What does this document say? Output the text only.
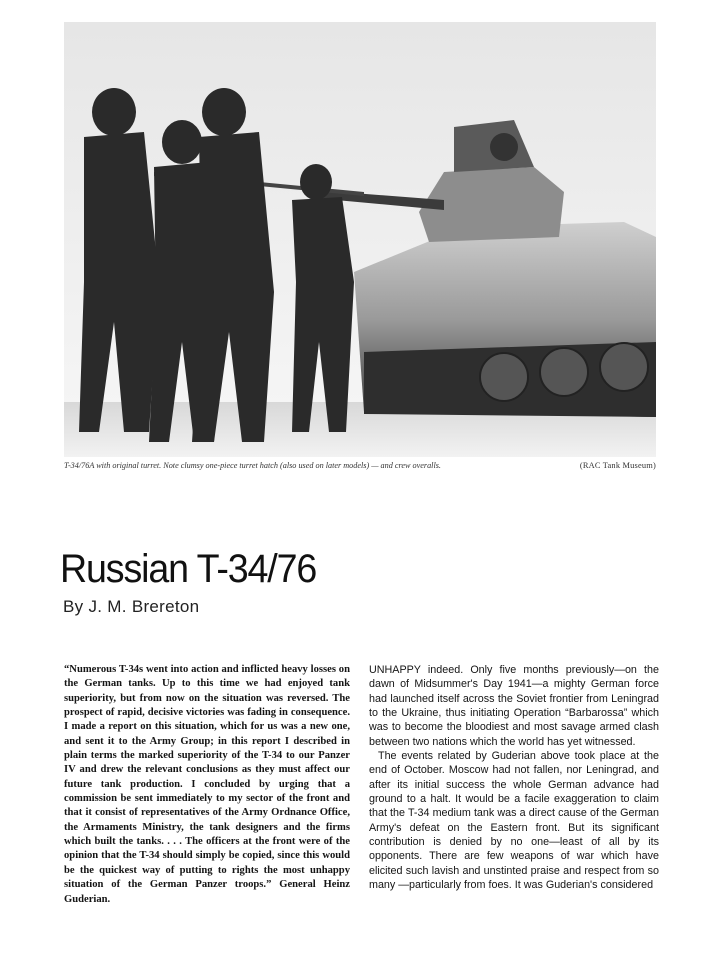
T-34/76A with original turret. Note clumsy one-piece turret hatch (also used on later models) — and crew overalls.	(RAC Tank Museum)
Russian T-34/76

By J. M. Brereton

“Numerous T-34s went into action and inflicted heavy losses on the German tanks. Up to this time we had enjoyed tank superiority, but from now on the situation was reversed. The prospect of rapid, decisive victories was fading in consequence. I made a report on this situation, which for us was a new one, and sent it to the Army Group; in this report I described in plain terms the marked superiority of the T-34 to our Panzer IV and drew the relevant conclusions as they must affect our future tank production. I concluded by urging that a commission be sent immediately to my sector of the front and that it consist of representatives of the Army Ordnance Office, the Armaments Ministry, the tank designers and the firms which built the tanks. . . . The officers at the front were of the opinion that the T-34 should simply be copied, since this would be the quickest way of putting to rights the most unhappy situation of the German Panzer troops.” General Heinz Guderian.

UNHAPPY indeed. Only five months previously—on the dawn of Midsummer's Day 1941—a mighty German force had launched itself across the Soviet frontier from Leningrad to the Ukraine, thus initiating Operation “Barbarossa” which was to become the bloodiest and most savage armed clash between two nations which the world has yet witnessed.

The events related by Guderian above took place at the end of October. Moscow had not fallen, nor Leningrad, and after its initial success the whole German advance had ground to a halt. It would be a facile exaggeration to claim that the T-34 medium tank was a direct cause of the German Army's defeat on the Eastern front. But its significant contribution is denied by no one—least of all by its opponents. There are few weapons of war which have elicited such lavish and unstinted praise and respect from so many —particularly from foes. It was Guderian's considered
